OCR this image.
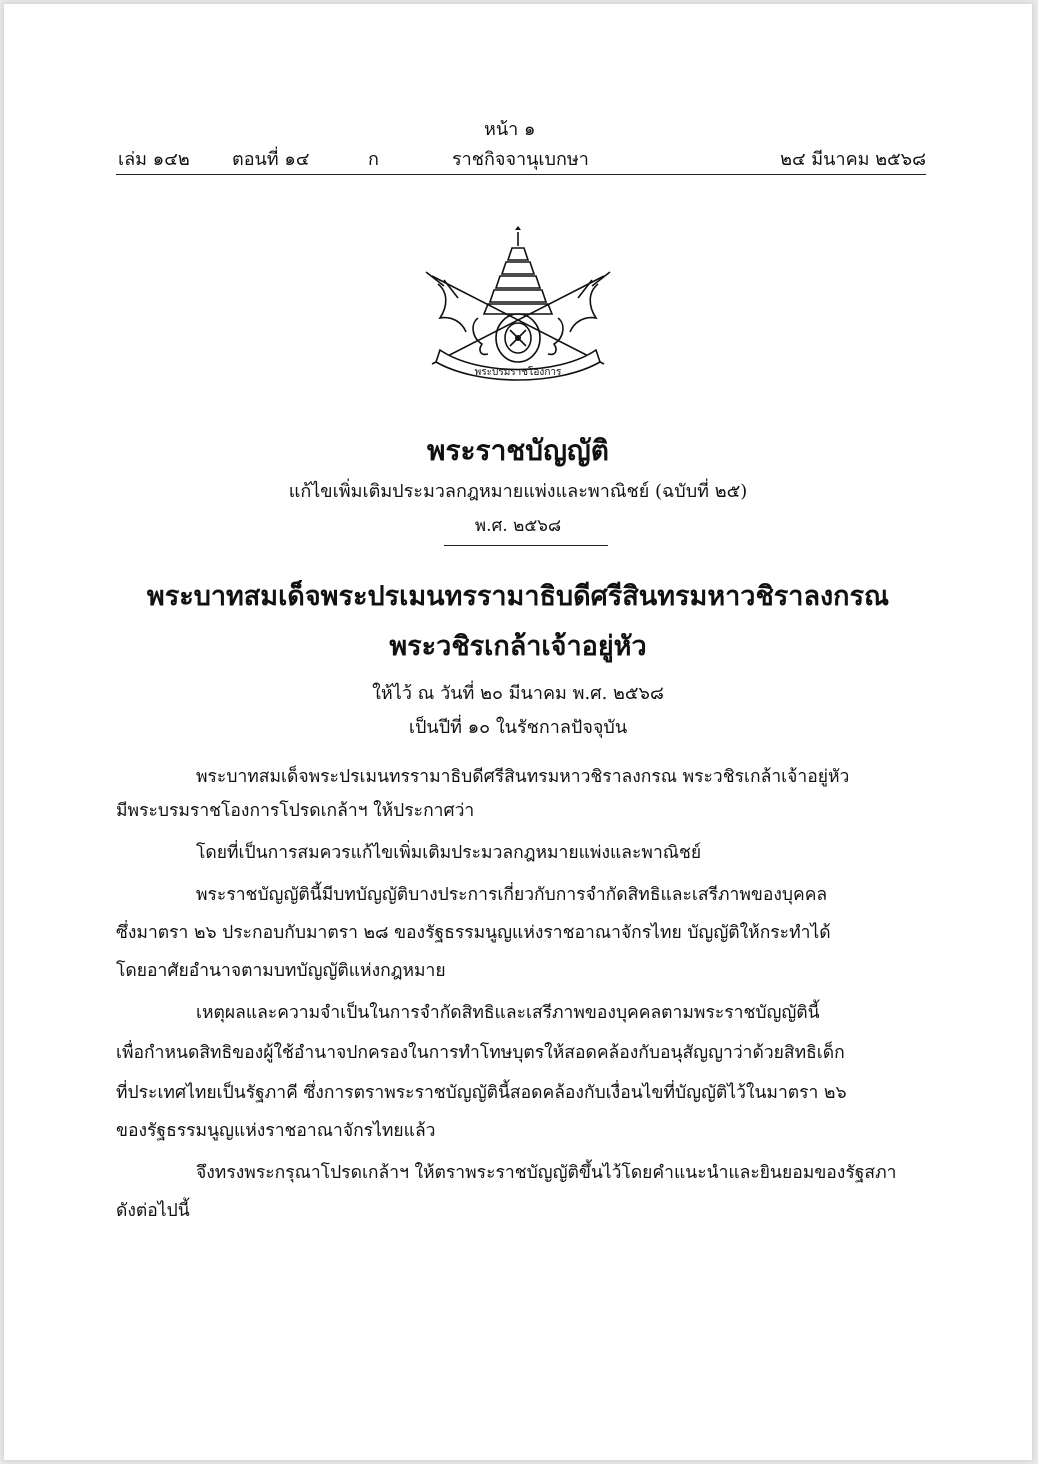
หน้า ๑
เล่ม ๑๔๒ ตอนที่ ๑๔	ก	ราชกิจจานุเบกษา	๒๔ มีนาคม ๒๕๖๘
พระบรมราชโองการ
พระราชบัญญัติ
แก้ไขเพิ่มเติมประมวลกฎหมายแพ่งและพาณิชย์ (ฉบับที่ ๒๕)
พ.ศ. ๒๕๖๘
พระบาทสมเด็จพระปรเมนทรรามาธิบดีศรีสินทรมหาวชิราลงกรณ
พระวชิรเกล้าเจ้าอยู่หัว
ให้ไว้ ณ วันที่ ๒๐ มีนาคม พ.ศ. ๒๕๖๘
เป็นปีที่ ๑๐ ในรัชกาลปัจจุบัน
พระบาทสมเด็จพระปรเมนทรรามาธิบดีศรีสินทรมหาวชิราลงกรณ พระวชิรเกล้าเจ้าอยู่หัว
มีพระบรมราชโองการโปรดเกล้าฯ ให้ประกาศว่า
โดยที่เป็นการสมควรแก้ไขเพิ่มเติมประมวลกฎหมายแพ่งและพาณิชย์
พระราชบัญญัตินี้มีบทบัญญัติบางประการเกี่ยวกับการจำกัดสิทธิและเสรีภาพของบุคคล
ซึ่งมาตรา ๒๖ ประกอบกับมาตรา ๒๘ ของรัฐธรรมนูญแห่งราชอาณาจักรไทย บัญญัติให้กระทำได้
โดยอาศัยอำนาจตามบทบัญญัติแห่งกฎหมาย
เหตุผลและความจำเป็นในการจำกัดสิทธิและเสรีภาพของบุคคลตามพระราชบัญญัตินี้
เพื่อกำหนดสิทธิของผู้ใช้อำนาจปกครองในการทำโทษบุตรให้สอดคล้องกับอนุสัญญาว่าด้วยสิทธิเด็ก
ที่ประเทศไทยเป็นรัฐภาคี ซึ่งการตราพระราชบัญญัตินี้สอดคล้องกับเงื่อนไขที่บัญญัติไว้ในมาตรา ๒๖
ของรัฐธรรมนูญแห่งราชอาณาจักรไทยแล้ว
จึงทรงพระกรุณาโปรดเกล้าฯ ให้ตราพระราชบัญญัติขึ้นไว้โดยคำแนะนำและยินยอมของรัฐสภา
ดังต่อไปนี้
